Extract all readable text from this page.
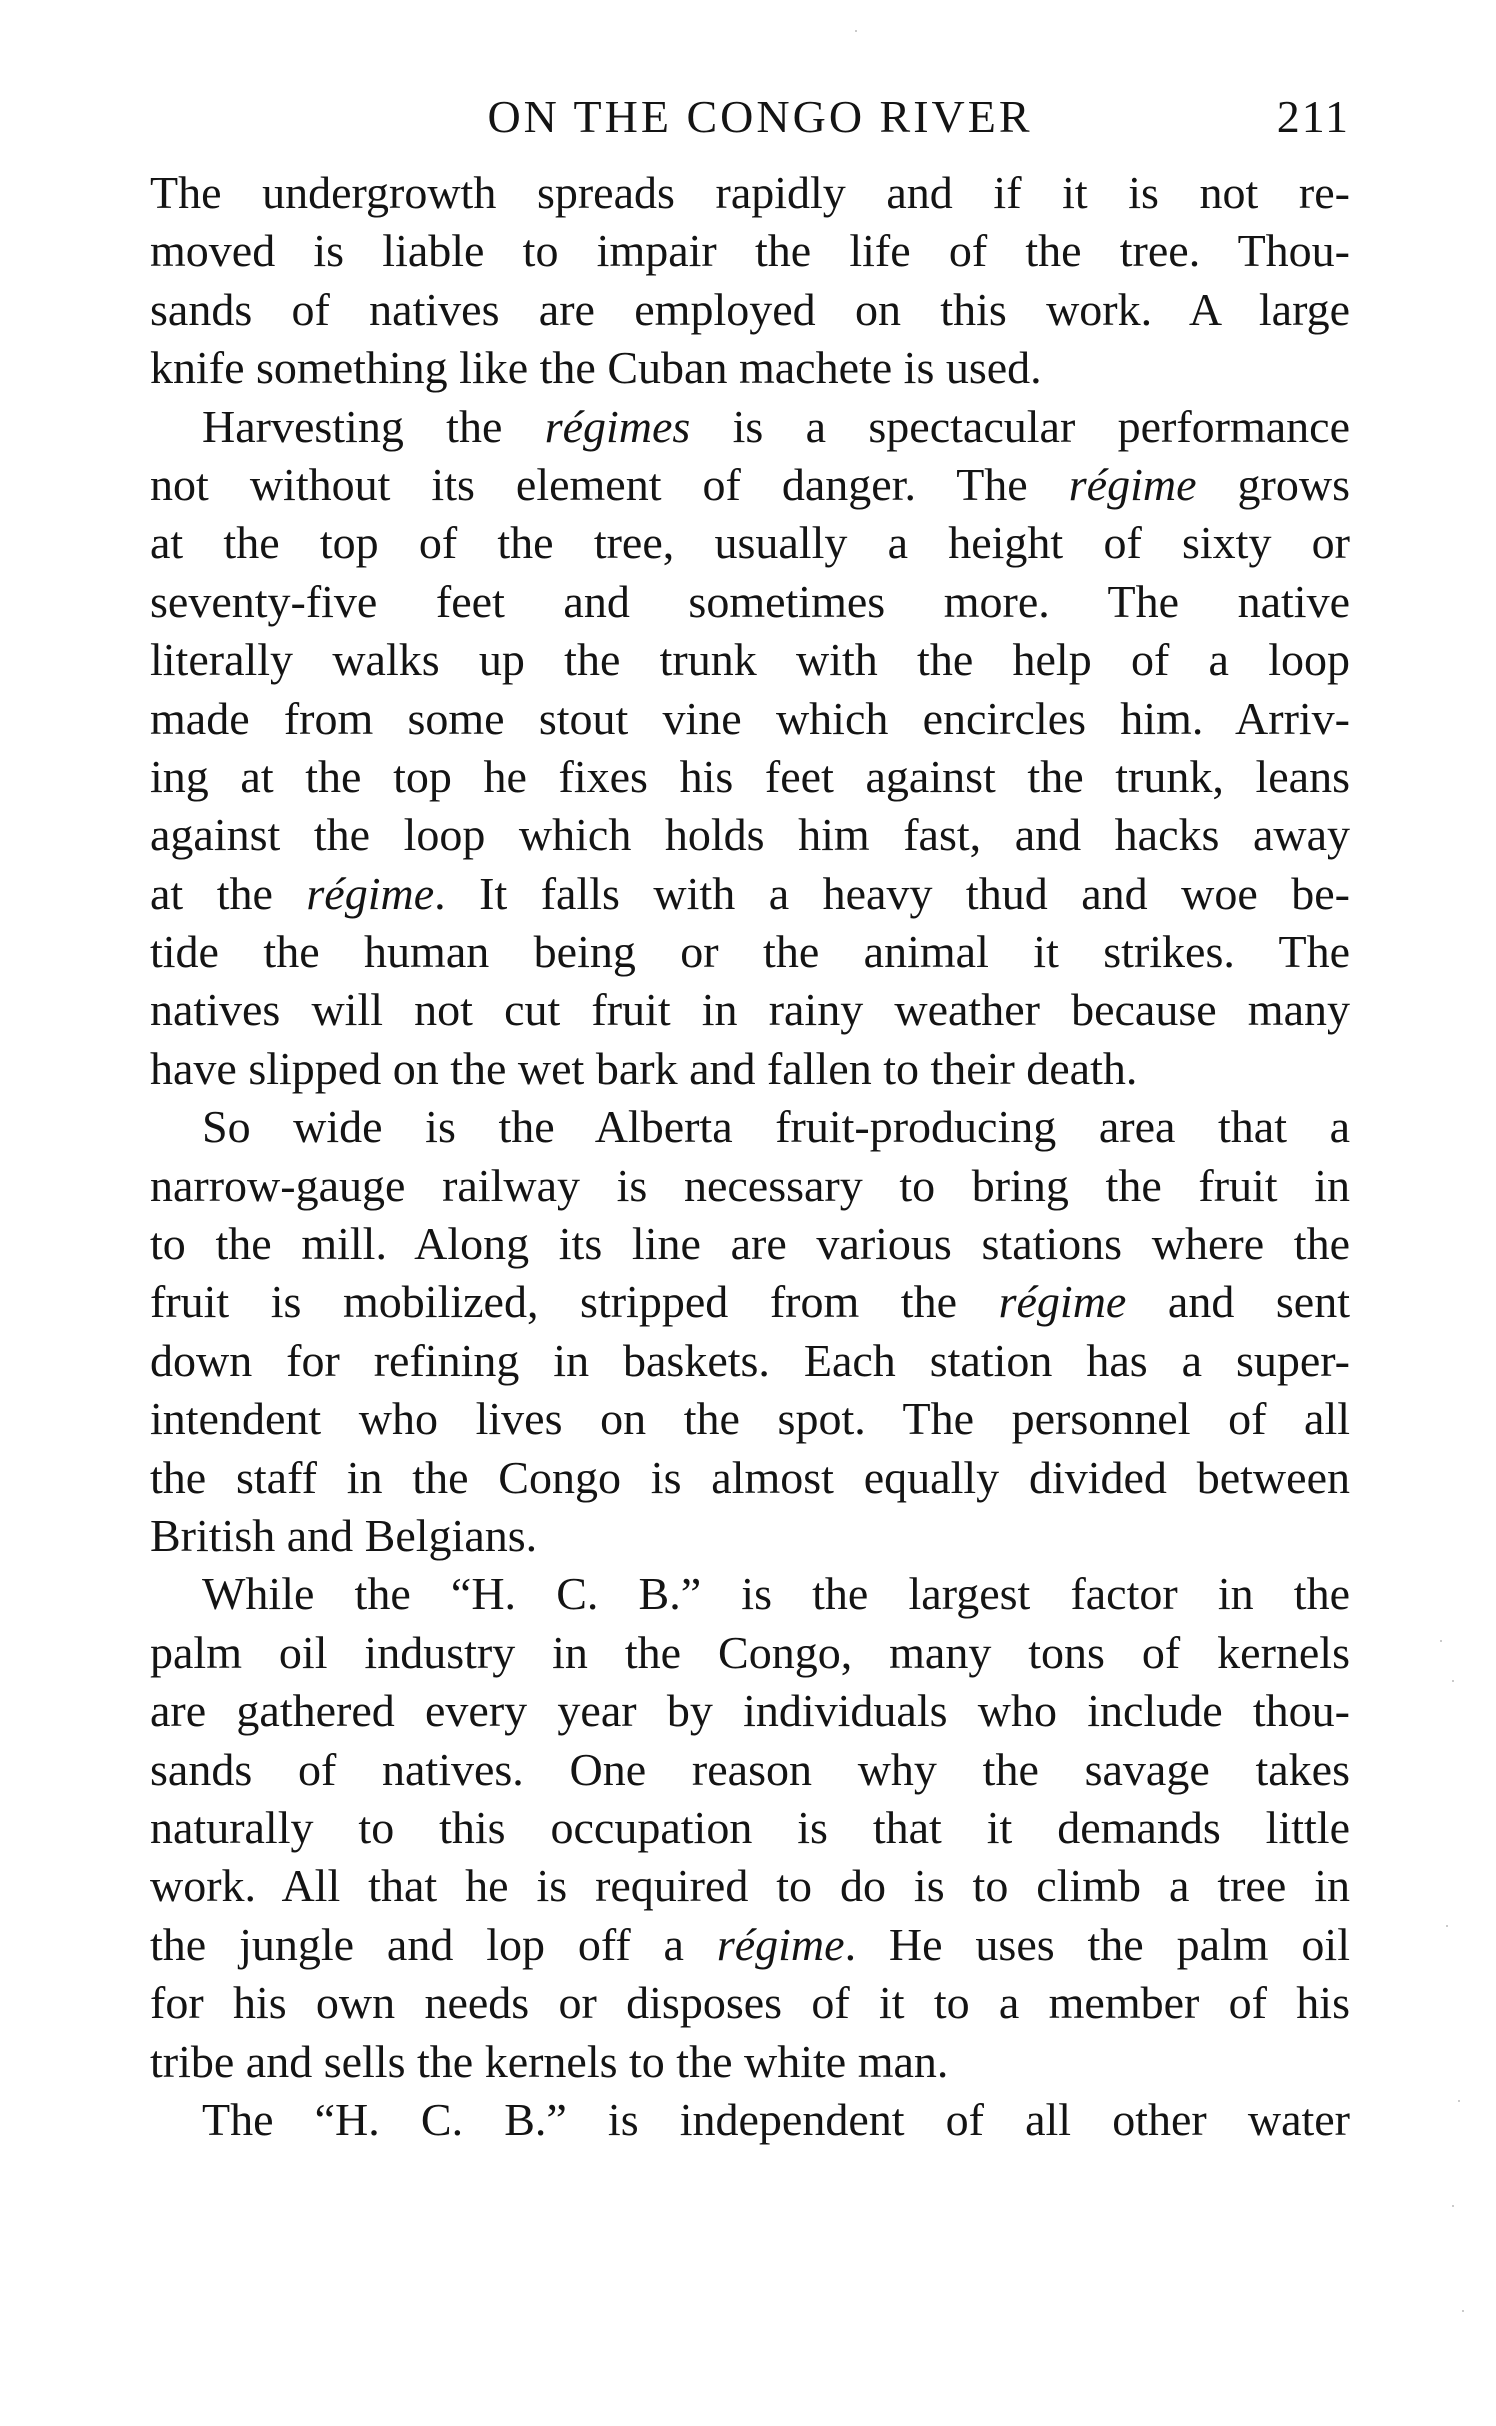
ON THE CONGO RIVER	211
The undergrowth spreads rapidly and if it is not re-
moved is liable to impair the life of the tree. Thou-
sands of natives are employed on this work. A large
knife something like the Cuban machete is used.
Harvesting the régimes is a spectacular performance
not without its element of danger. The régime grows
at the top of the tree, usually a height of sixty or
seventy-five feet and sometimes more. The native
literally walks up the trunk with the help of a loop
made from some stout vine which encircles him. Arriv-
ing at the top he fixes his feet against the trunk, leans
against the loop which holds him fast, and hacks away
at the régime. It falls with a heavy thud and woe be-
tide the human being or the animal it strikes. The
natives will not cut fruit in rainy weather because many
have slipped on the wet bark and fallen to their death.
So wide is the Alberta fruit-producing area that a
narrow-gauge railway is necessary to bring the fruit in
to the mill. Along its line are various stations where the
fruit is mobilized, stripped from the régime and sent
down for refining in baskets. Each station has a super-
intendent who lives on the spot. The personnel of all
the staff in the Congo is almost equally divided between
British and Belgians.
While the “H. C. B.” is the largest factor in the
palm oil industry in the Congo, many tons of kernels
are gathered every year by individuals who include thou-
sands of natives. One reason why the savage takes
naturally to this occupation is that it demands little
work. All that he is required to do is to climb a tree in
the jungle and lop off a régime. He uses the palm oil
for his own needs or disposes of it to a member of his
tribe and sells the kernels to the white man.
The “H. C. B.” is independent of all other water
